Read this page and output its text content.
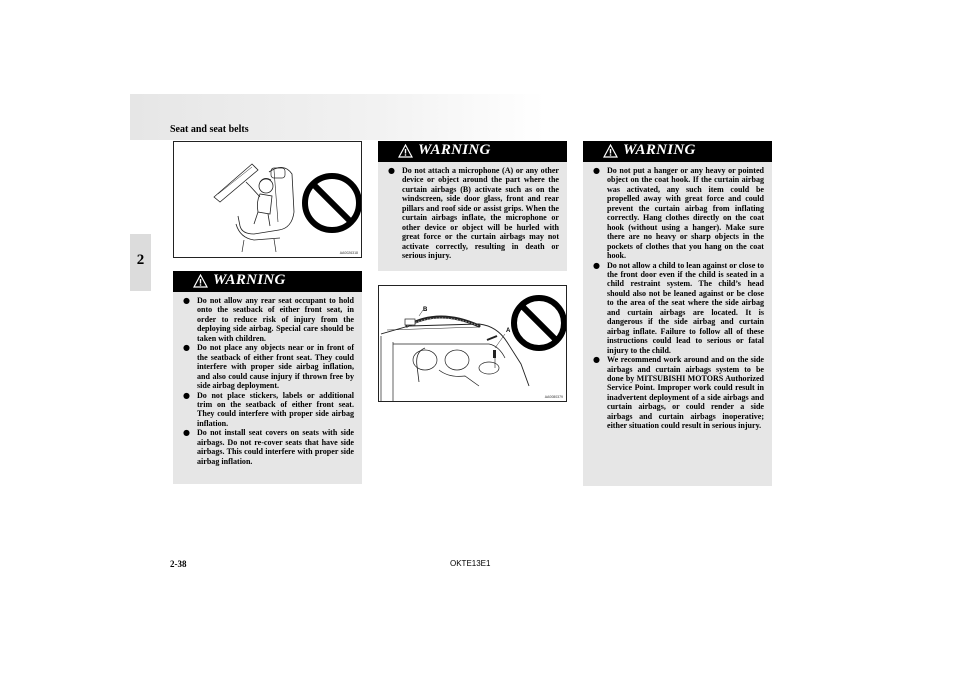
Seat and seat belts
2	AA0026318
WARNING
● Do not allow any rear seat occupant to hold onto the seatback of either front seat, in order to reduce risk of injury from the deploying side airbag. Special care should be taken with children.

● Do not place any objects near or in front of the seatback of either front seat. They could interfere with proper side airbag inflation, and also could cause injury if thrown free by side airbag deployment.

● Do not place stickers, labels or additional trim on the seatback of either front seat. They could interfere with proper side airbag inflation.

● Do not install seat covers on seats with side airbags. Do not re-cover seats that have side airbags. This could interfere with proper side airbag inflation.

WARNING
● Do not attach a microphone (A) or any other device or object around the part where the curtain airbags (B) activate such as on the windscreen, side door glass, front and rear pillars and roof side or assist grips. When the curtain airbags inflate, the microphone or other device or object will be hurled with great force or the curtain airbags may not activate correctly, resulting in death or serious injury.

B
A
AA0080379
WARNING
● Do not put a hanger or any heavy or pointed object on the coat hook. If the curtain airbag was activated, any such item could be propelled away with great force and could prevent the curtain airbag from inflating correctly. Hang clothes directly on the coat hook (without using a hanger). Make sure there are no heavy or sharp objects in the pockets of clothes that you hang on the coat hook.

● Do not allow a child to lean against or close to the front door even if the child is seated in a child restraint system. The child’s head should also not be leaned against or be close to the area of the seat where the side airbag and curtain airbags are located. It is dangerous if the side airbag and curtain airbag inflate. Failure to follow all of these instructions could lead to serious or fatal injury to the child.

● We recommend work around and on the side airbags and curtain airbags system to be done by MITSUBISHI MOTORS Authorized Service Point. Improper work could result in inadvertent deployment of a side airbags and curtain airbags, or could render a side airbags and curtain airbags inoperative; either situation could result in serious injury.

2-38	OKTE13E1
